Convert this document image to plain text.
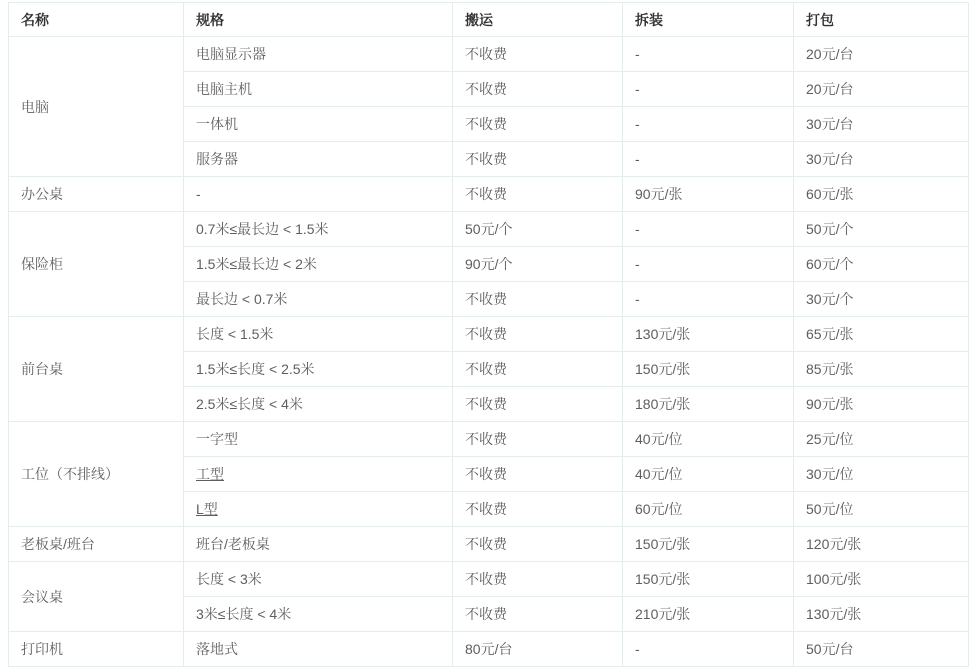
名称	规格	搬运	拆装	打包
电脑	电脑显示器	不收费	-	20元/台
	电脑主机	不收费	-	20元/台
	一体机	不收费	-	30元/台
	服务器	不收费	-	30元/台
办公桌	-	不收费	90元/张	60元/张
保险柜	0.7米≤最长边 < 1.5米	50元/个	-	50元/个
	1.5米≤最长边 < 2米	90元/个	-	60元/个
	最长边 < 0.7米	不收费	-	30元/个
前台桌	长度 < 1.5米	不收费	130元/张	65元/张
	1.5米≤长度 < 2.5米	不收费	150元/张	85元/张
	2.5米≤长度 < 4米	不收费	180元/张	90元/张
工位（不排线）	一字型	不收费	40元/位	25元/位
	工型	不收费	40元/位	30元/位
	L型	不收费	60元/位	50元/位
老板桌/班台	班台/老板桌	不收费	150元/张	120元/张
会议桌	长度 < 3米	不收费	150元/张	100元/张
	3米≤长度 < 4米	不收费	210元/张	130元/张
打印机	落地式	80元/台	-	50元/台
